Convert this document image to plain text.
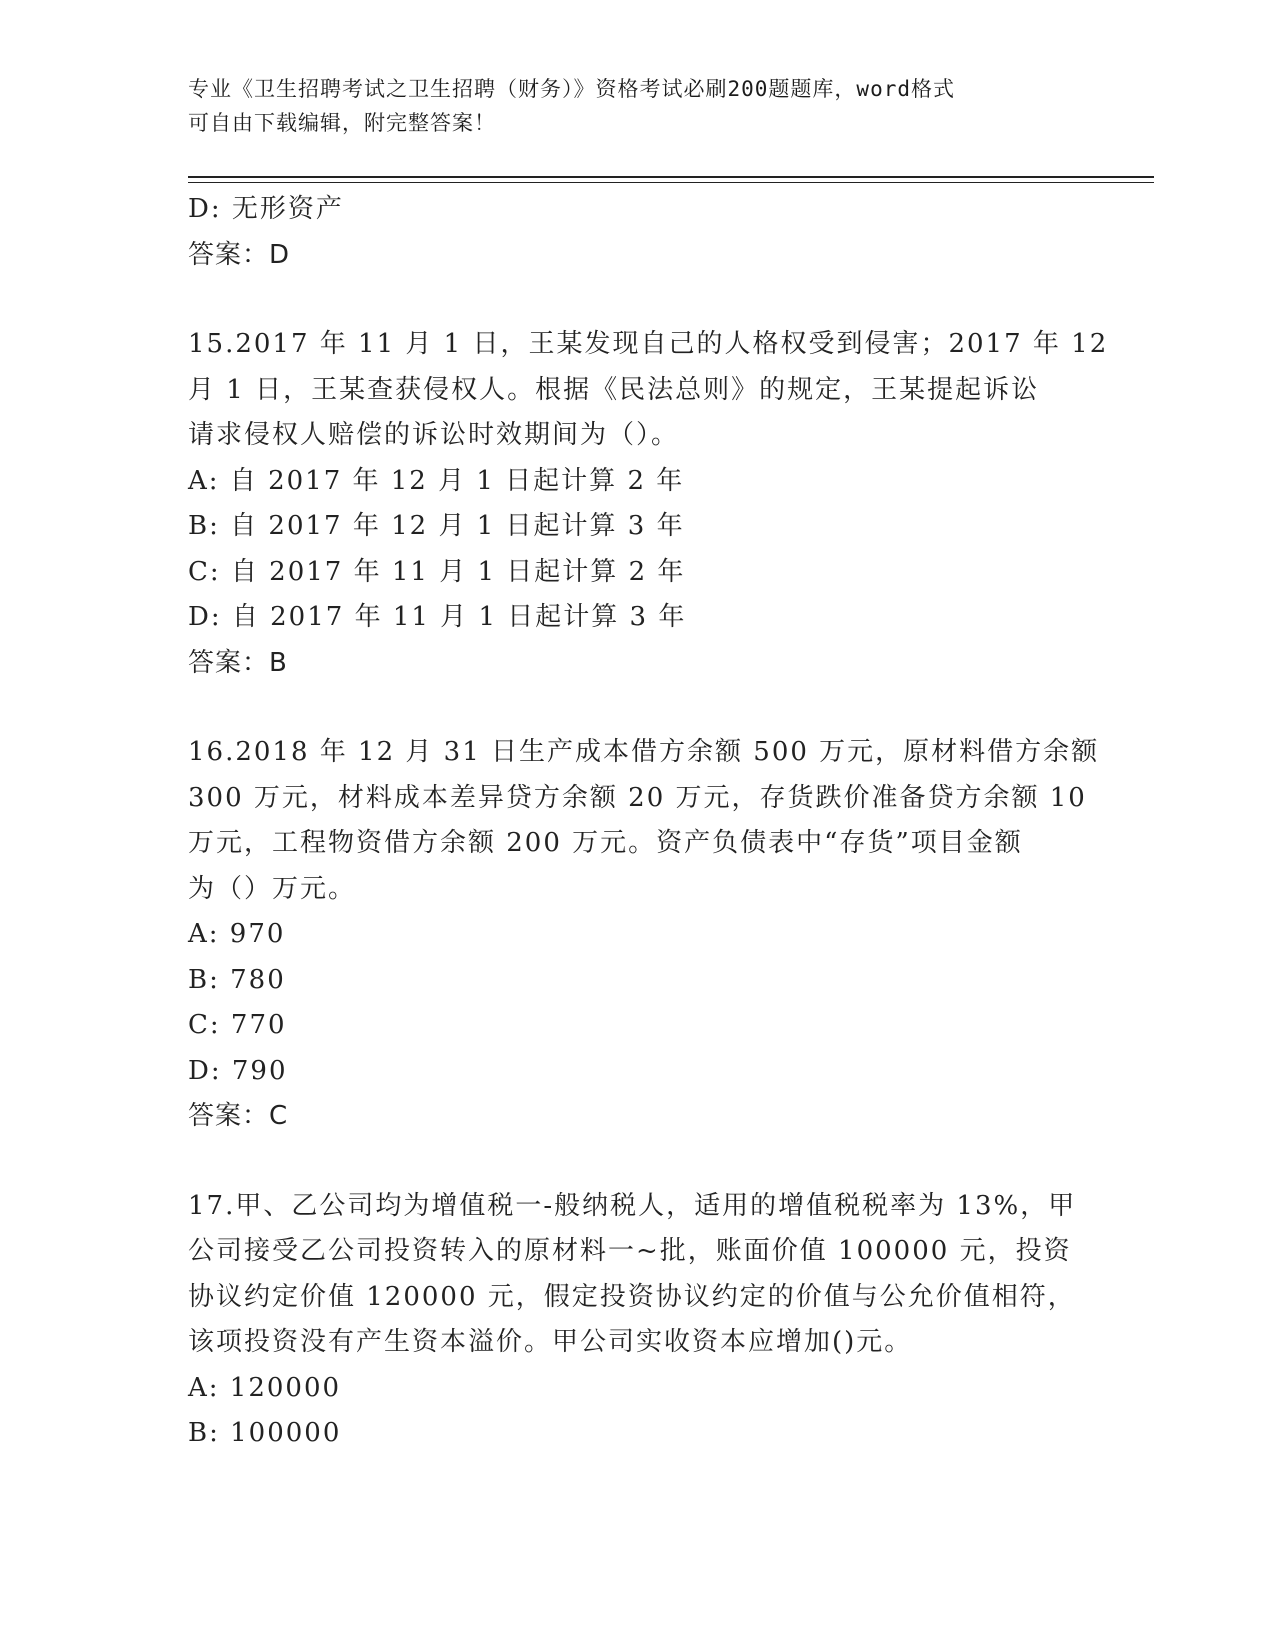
专业《卫生招聘考试之卫生招聘（财务）》资格考试必刷200题题库，word格式
可自由下载编辑，附完整答案！
D: 无形资产
答案：D
15.2017 年 11 月 1 日，王某发现自己的人格权受到侵害；2017 年 12
月 1 日，王某查获侵权人。根据《民法总则》的规定，王某提起诉讼
请求侵权人赔偿的诉讼时效期间为（）。
A: 自 2017 年 12 月 1 日起计算 2 年
B: 自 2017 年 12 月 1 日起计算 3 年
C: 自 2017 年 11 月 1 日起计算 2 年
D: 自 2017 年 11 月 1 日起计算 3 年
答案：B
16.2018 年 12 月 31 日生产成本借方余额 500 万元，原材料借方余额
300 万元，材料成本差异贷方余额 20 万元，存货跌价准备贷方余额 10
万元，工程物资借方余额 200 万元。资产负债表中“存货”项目金额
为（）万元。
A: 970
B: 780
C: 770
D: 790
答案：C
17.甲、乙公司均为增值税一-般纳税人，适用的增值税税率为 13%，甲
公司接受乙公司投资转入的原材料一~批，账面价值 100000 元，投资
协议约定价值 120000 元，假定投资协议约定的价值与公允价值相符，
该项投资没有产生资本溢价。甲公司实收资本应增加()元。
A: 120000
B: 100000
